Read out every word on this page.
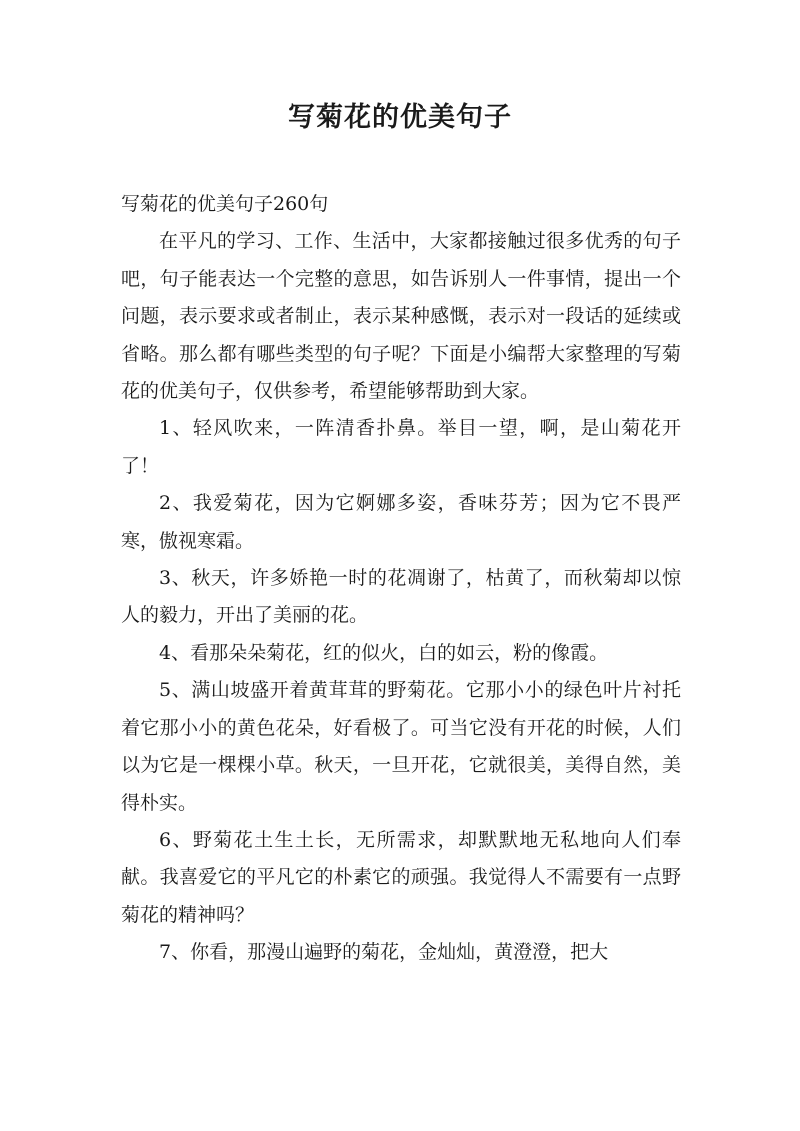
写菊花的优美句子

写菊花的优美句子260句

在平凡的学习、工作、生活中，大家都接触过很多优秀的句子吧，句子能表达一个完整的意思，如告诉别人一件事情，提出一个问题，表示要求或者制止，表示某种感慨，表示对一段话的延续或省略。那么都有哪些类型的句子呢？下面是小编帮大家整理的写菊花的优美句子，仅供参考，希望能够帮助到大家。

1、轻风吹来，一阵清香扑鼻。举目一望，啊，是山菊花开了！

2、我爱菊花，因为它婀娜多姿，香味芬芳；因为它不畏严寒，傲视寒霜。

3、秋天，许多娇艳一时的花凋谢了，枯黄了，而秋菊却以惊人的毅力，开出了美丽的花。

4、看那朵朵菊花，红的似火，白的如云，粉的像霞。

5、满山坡盛开着黄茸茸的野菊花。它那小小的绿色叶片衬托着它那小小的黄色花朵，好看极了。可当它没有开花的时候，人们以为它是一棵棵小草。秋天，一旦开花，它就很美，美得自然，美得朴实。

6、野菊花土生土长，无所需求，却默默地无私地向人们奉献。我喜爱它的平凡它的朴素它的顽强。我觉得人不需要有一点野菊花的精神吗？

7、你看，那漫山遍野的菊花，金灿灿，黄澄澄，把大
